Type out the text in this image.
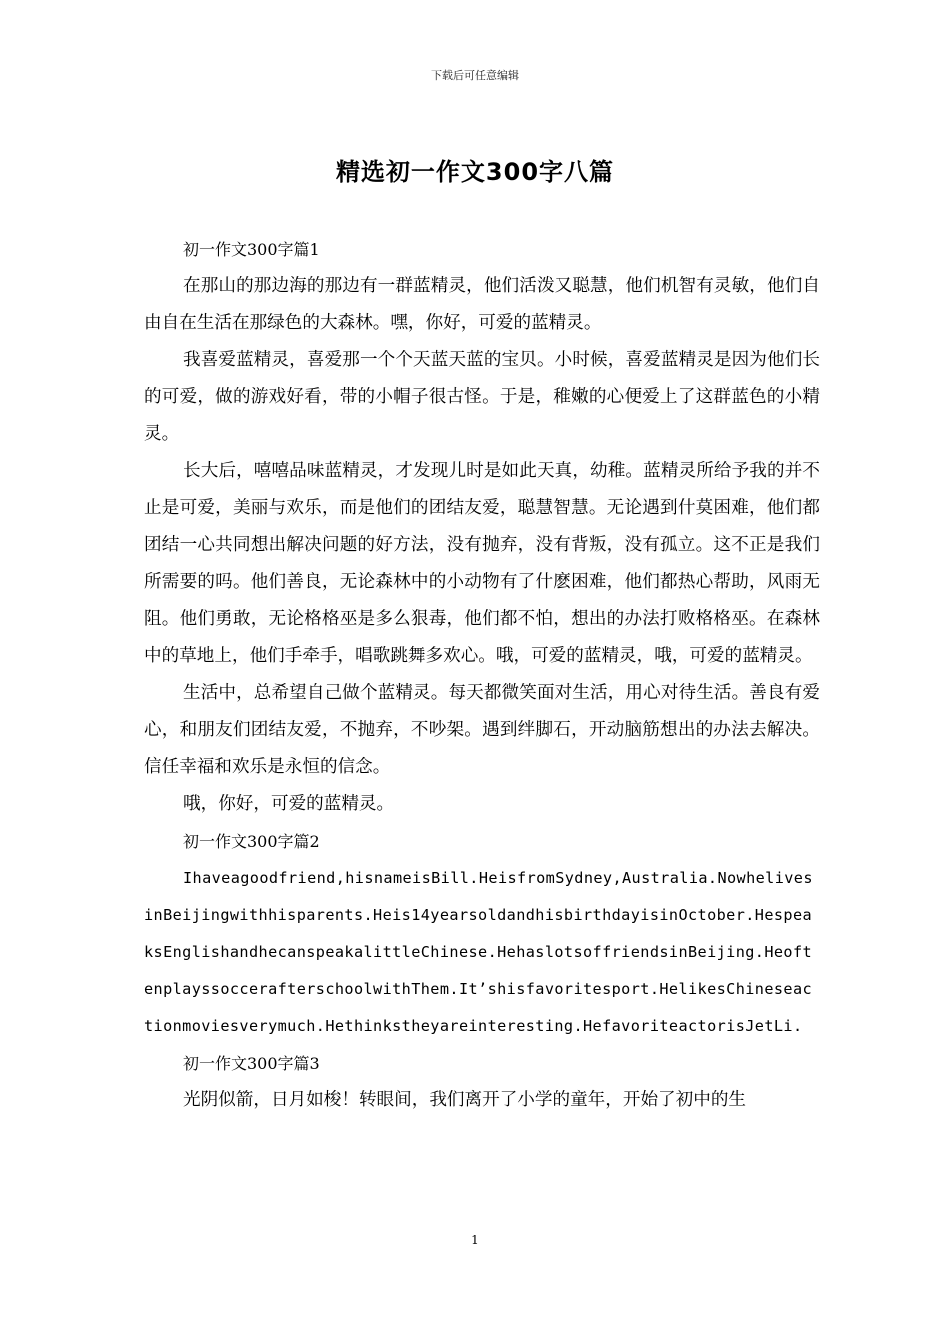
下载后可任意编辑
精选初一作文300字八篇

初一作文300字篇1

在那山的那边海的那边有一群蓝精灵，他们活泼又聪慧，他们机智有灵敏，他们自由自在生活在那绿色的大森林。嘿，你好，可爱的蓝精灵。

我喜爱蓝精灵，喜爱那一个个天蓝天蓝的宝贝。小时候，喜爱蓝精灵是因为他们长的可爱，做的游戏好看，带的小帽子很古怪。于是，稚嫩的心便爱上了这群蓝色的小精灵。

长大后，嘻嘻品味蓝精灵，才发现儿时是如此天真，幼稚。蓝精灵所给予我的并不止是可爱，美丽与欢乐，而是他们的团结友爱，聪慧智慧。无论遇到什莫困难，他们都团结一心共同想出解决问题的好方法，没有抛弃，没有背叛，没有孤立。这不正是我们所需要的吗。他们善良，无论森林中的小动物有了什麽困难，他们都热心帮助，风雨无阻。他们勇敢，无论格格巫是多么狠毒，他们都不怕，想出的办法打败格格巫。在森林中的草地上，他们手牵手，唱歌跳舞多欢心。哦，可爱的蓝精灵，哦，可爱的蓝精灵。

生活中，总希望自己做个蓝精灵。每天都微笑面对生活，用心对待生活。善良有爱心，和朋友们团结友爱，不抛弃，不吵架。遇到绊脚石，开动脑筋想出的办法去解决。信任幸福和欢乐是永恒的信念。

哦，你好，可爱的蓝精灵。

初一作文300字篇2

Ihaveagoodfriend,hisnameisBill.HeisfromSydney,Australia.NowhelivesinBeijingwithhisparents.Heis14yearsoldandhisbirthdayisinOctober.HespeaksEnglishandhecanspeakalittleChinese.HehaslotsoffriendsinBeijing.HeoftenplayssoccerafterschoolwithThem.It’shisfavoritesport.HelikesChineseactionmoviesverymuch.Hethinkstheyareinteresting.HefavoriteactorisJetLi.

初一作文300字篇3

光阴似箭，日月如梭！转眼间，我们离开了小学的童年，开始了初中的生

1
